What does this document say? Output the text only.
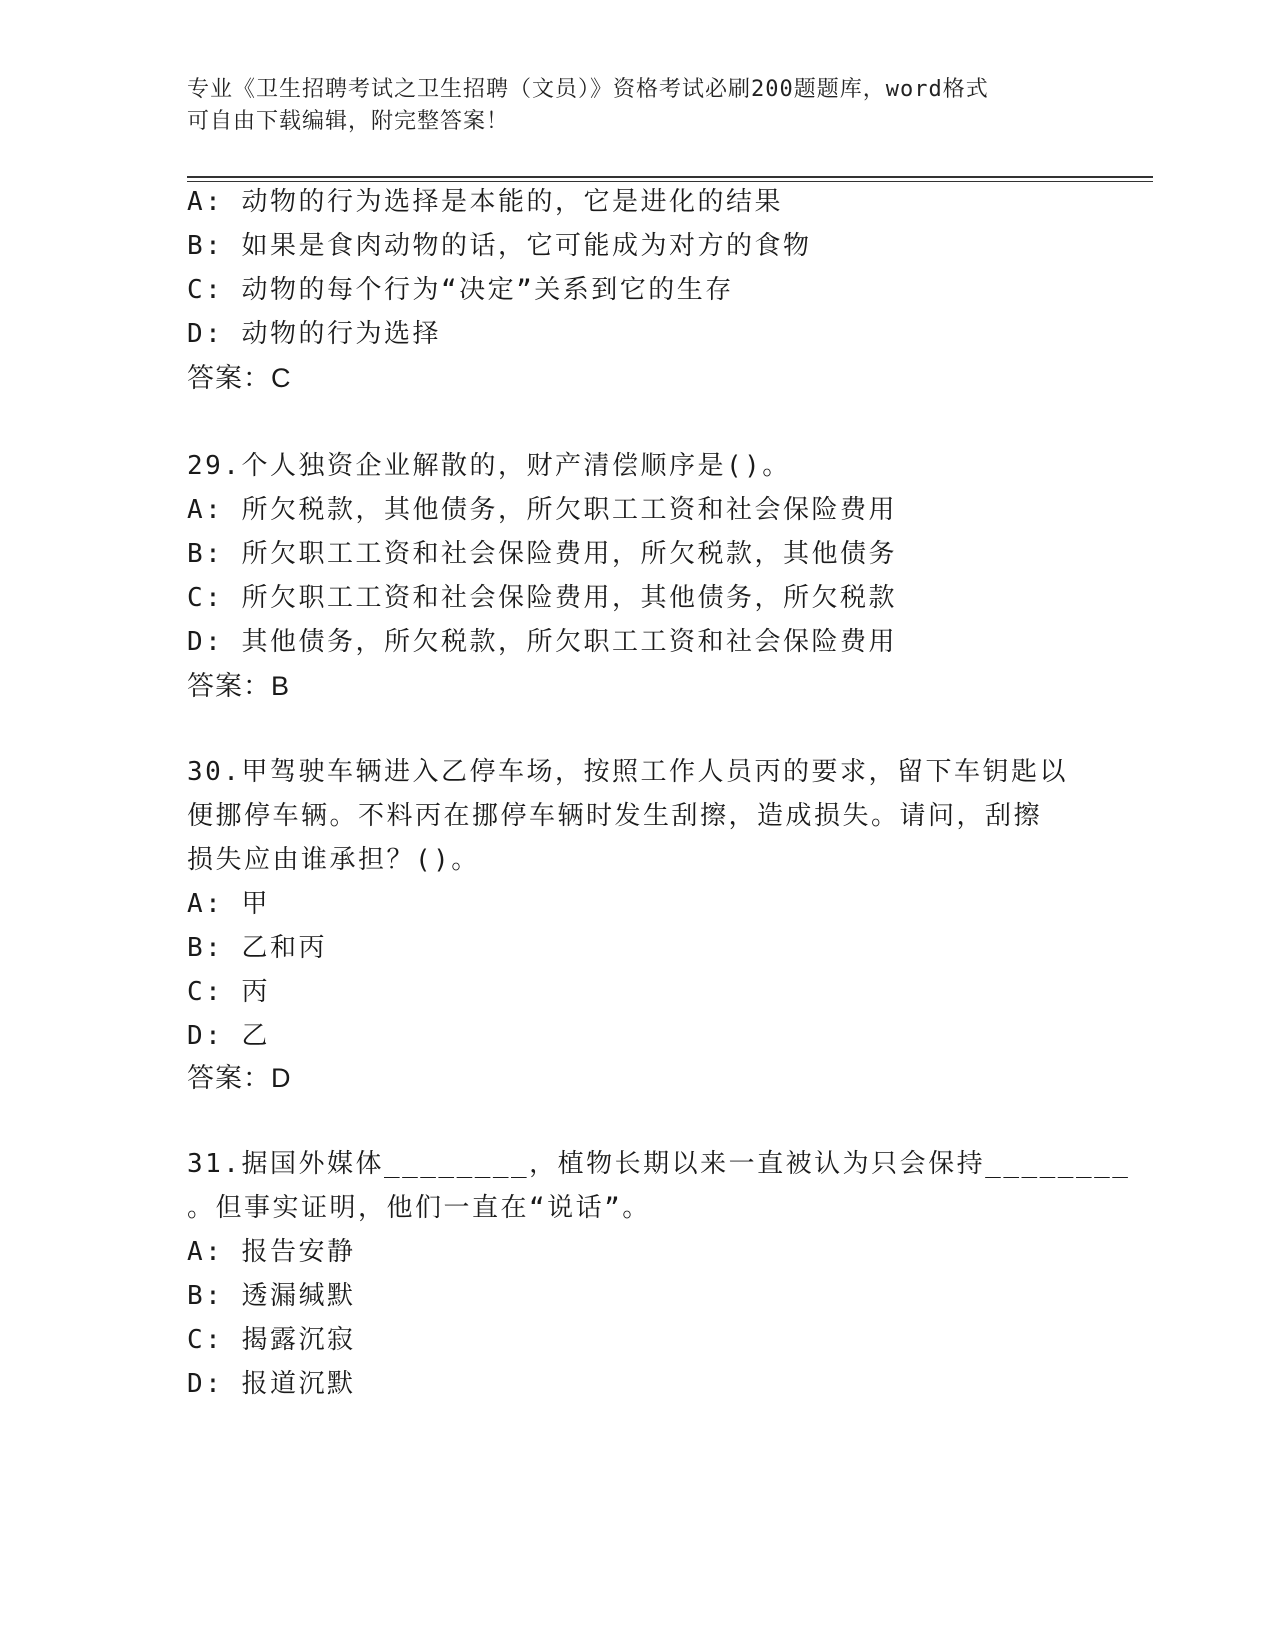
专业《卫生招聘考试之卫生招聘（文员）》资格考试必刷200题题库，word格式
可自由下载编辑，附完整答案！
A: 动物的行为选择是本能的，它是进化的结果
B: 如果是食肉动物的话，它可能成为对方的食物
C: 动物的每个行为“决定”关系到它的生存
D: 动物的行为选择
答案：C
29.个人独资企业解散的，财产清偿顺序是()。
A: 所欠税款，其他债务，所欠职工工资和社会保险费用
B: 所欠职工工资和社会保险费用，所欠税款，其他债务
C: 所欠职工工资和社会保险费用，其他债务，所欠税款
D: 其他债务，所欠税款，所欠职工工资和社会保险费用
答案：B
30.甲驾驶车辆进入乙停车场，按照工作人员丙的要求，留下车钥匙以
便挪停车辆。不料丙在挪停车辆时发生刮擦，造成损失。请问，刮擦
损失应由谁承担？()。
A: 甲
B: 乙和丙
C: 丙
D: 乙
答案：D
31.据国外媒体________，植物长期以来一直被认为只会保持________
。但事实证明，他们一直在“说话”。
A: 报告安静
B: 透漏缄默
C: 揭露沉寂
D: 报道沉默
